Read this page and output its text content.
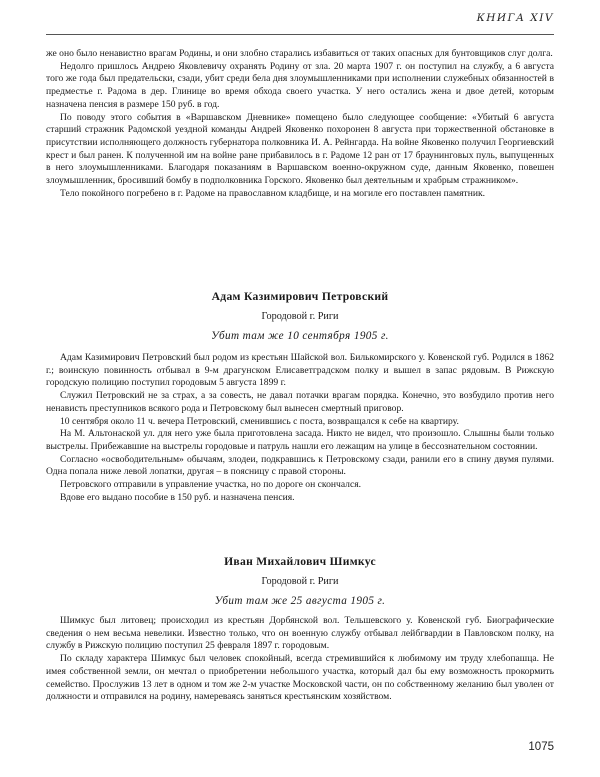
КНИГА XIV

же оно было ненавистно врагам Родины, и они злобно старались избавиться от таких опасных для бунтовщиков слуг долга.

Недолго пришлось Андрею Яковлевичу охранять Родину от зла. 20 марта 1907 г. он поступил на службу, а 6 августа того же года был предательски, сзади, убит среди бела дня злоумышленниками при исполнении служебных обязанностей в предместье г. Радома в дер. Глинице во время обхода своего участка. У него остались жена и двое детей, которым назначена пенсия в размере 150 руб. в год.

По поводу этого события в «Варшавском Дневнике» помещено было следующее сообщение: «Убитый 6 августа старший стражник Радомской уездной команды Андрей Яковенко похоронен 8 августа при торжественной обстановке в присутствии исполняющего должность губернатора полковника И. А. Рейнгарда. На войне Яковенко получил Георгиевский крест и был ранен. К полученной им на войне ране прибавилось в г. Радоме 12 ран от 17 браунинговых пуль, выпущенных в него злоумышленниками. Благодаря показаниям в Варшавском военно-окружном суде, данным Яковенко, повешен злоумышленник, бросивший бомбу в подполковника Горского. Яковенко был деятельным и храбрым стражником».

Тело покойного погребено в г. Радоме на православном кладбище, и на могиле его поставлен памятник.

Адам Казимирович Петровский

Городовой г. Риги

Убит там же 10 сентября 1905 г.

Адам Казимирович Петровский был родом из крестьян Шайской вол. Билькомирского у. Ковенской губ. Родился в 1862 г.; воинскую повинность отбывал в 9-м драгунском Елисаветградском полку и вышел в запас рядовым. В Рижскую городскую полицию поступил городовым 5 августа 1899 г.

Служил Петровский не за страх, а за совесть, не давал потачки врагам порядка. Конечно, это возбудило против него ненависть преступников всякого рода и Петровскому был вынесен смертный приговор.

10 сентября около 11 ч. вечера Петровский, сменившись с поста, возвращался к себе на квартиру.

На М. Альтонаской ул. для него уже была приготовлена засада. Никто не видел, что произошло. Слышны были только выстрелы. Прибежавшие на выстрелы городовые и патруль нашли его лежащим на улице в бессознательном состоянии.

Согласно «освободительным» обычаям, злодеи, подкравшись к Петровскому сзади, ранили его в спину двумя пулями. Одна попала ниже левой лопатки, другая – в поясницу с правой стороны.

Петровского отправили в управление участка, но по дороге он скончался.

Вдове его выдано пособие в 150 руб. и назначена пенсия.

Иван Михайлович Шимкус

Городовой г. Риги

Убит там же 25 августа 1905 г.

Шимкус был литовец; происходил из крестьян Дорбянской вол. Тельшевского у. Ковенской губ. Биографические сведения о нем весьма невелики. Известно только, что он военную службу отбывал лейбгвардии в Павловском полку, на службу в Рижскую полицию поступил 25 февраля 1897 г. городовым.

По складу характера Шимкус был человек спокойный, всегда стремившийся к любимому им труду хлебопашца. Не имея собственной земли, он мечтал о приобретении небольшого участка, который дал бы ему возможность прокормить семейство. Прослужив 13 лет в одном и том же 2-м участке Московской части, он по собственному желанию был уволен от должности и отправился на родину, намереваясь заняться крестьянским хозяйством.

1075
